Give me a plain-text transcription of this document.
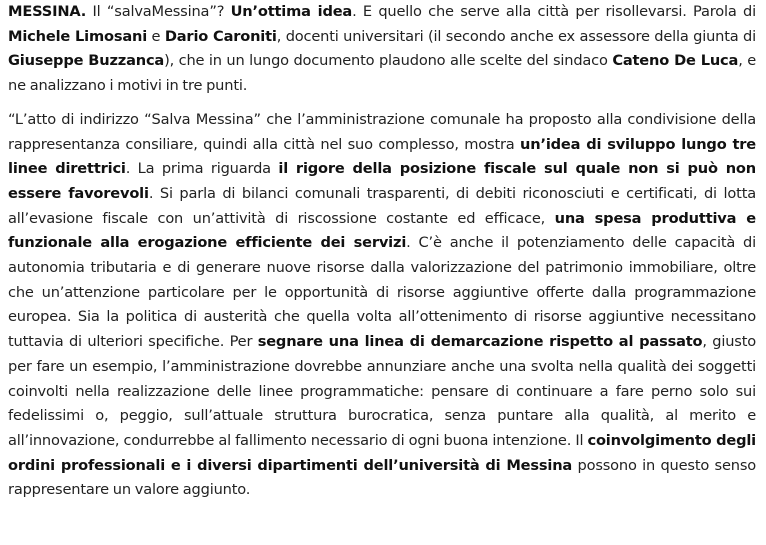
MESSINA. Il “salvaMessina”? Un’ottima idea. E quello che serve alla città per risollevarsi. Parola di Michele Limosani e Dario Caroniti, docenti universitari (il secondo anche ex assessore della giunta di Giuseppe Buzzanca), che in un lungo documento plaudono alle scelte del sindaco Cateno De Luca, e ne analizzano i motivi in tre punti.

“L’atto di indirizzo “Salva Messina” che l’amministrazione comunale ha proposto alla condivisione della rappresentanza consiliare, quindi alla città nel suo complesso, mostra un’idea di sviluppo lungo tre linee direttrici. La prima riguarda il rigore della posizione fiscale sul quale non si può non essere favorevoli. Si parla di bilanci comunali trasparenti, di debiti riconosciuti e certificati, di lotta all’evasione fiscale con un’attività di riscossione costante ed efficace, una spesa produttiva e funzionale alla erogazione efficiente dei servizi. C’è anche il potenziamento delle capacità di autonomia tributaria e di generare nuove risorse dalla valorizzazione del patrimonio immobiliare, oltre che un’attenzione particolare per le opportunità di risorse aggiuntive offerte dalla programmazione europea. Sia la politica di austerità che quella volta all’ottenimento di risorse aggiuntive necessitano tuttavia di ulteriori specifiche. Per segnare una linea di demarcazione rispetto al passato, giusto per fare un esempio, l’amministrazione dovrebbe annunziare anche una svolta nella qualità dei soggetti coinvolti nella realizzazione delle linee programmatiche: pensare di continuare a fare perno solo sui fedelissimi o, peggio, sull’attuale struttura burocratica, senza puntare alla qualità, al merito e all’innovazione, condurrebbe al fallimento necessario di ogni buona intenzione. Il coinvolgimento degli ordini professionali e i diversi dipartimenti dell’università di Messina possono in questo senso rappresentare un valore aggiunto.
